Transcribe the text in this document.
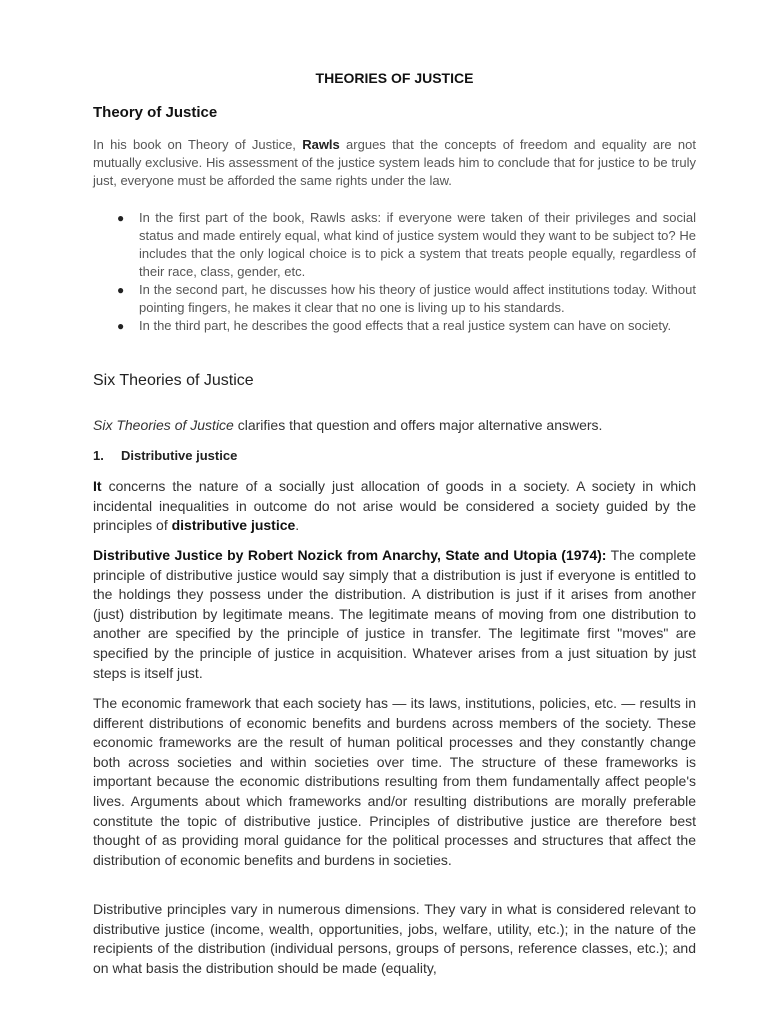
THEORIES OF JUSTICE
Theory of Justice

In his book on Theory of Justice, Rawls argues that the concepts of freedom and equality are not mutually exclusive. His assessment of the justice system leads him to conclude that for justice to be truly just, everyone must be afforded the same rights under the law.

● In the first part of the book, Rawls asks: if everyone were taken of their privileges and social status and made entirely equal, what kind of justice system would they want to be subject to? He includes that the only logical choice is to pick a system that treats people equally, regardless of their race, class, gender, etc.
● In the second part, he discusses how his theory of justice would affect institutions today. Without pointing fingers, he makes it clear that no one is living up to his standards.
● In the third part, he describes the good effects that a real justice system can have on society.
Six Theories of Justice

Six Theories of Justice clarifies that question and offers major alternative answers.

1. Distributive justice

It concerns the nature of a socially just allocation of goods in a society. A society in which incidental inequalities in outcome do not arise would be considered a society guided by the principles of distributive justice.

Distributive Justice by Robert Nozick from Anarchy, State and Utopia (1974): The complete principle of distributive justice would say simply that a distribution is just if everyone is entitled to the holdings they possess under the distribution. A distribution is just if it arises from another (just) distribution by legitimate means. The legitimate means of moving from one distribution to another are specified by the principle of justice in transfer. The legitimate first "moves" are specified by the principle of justice in acquisition. Whatever arises from a just situation by just steps is itself just.

The economic framework that each society has — its laws, institutions, policies, etc. — results in different distributions of economic benefits and burdens across members of the society. These economic frameworks are the result of human political processes and they constantly change both across societies and within societies over time. The structure of these frameworks is important because the economic distributions resulting from them fundamentally affect people's lives. Arguments about which frameworks and/or resulting distributions are morally preferable constitute the topic of distributive justice. Principles of distributive justice are therefore best thought of as providing moral guidance for the political processes and structures that affect the distribution of economic benefits and burdens in societies.

Distributive principles vary in numerous dimensions. They vary in what is considered relevant to distributive justice (income, wealth, opportunities, jobs, welfare, utility, etc.); in the nature of the recipients of the distribution (individual persons, groups of persons, reference classes, etc.); and on what basis the distribution should be made (equality,
